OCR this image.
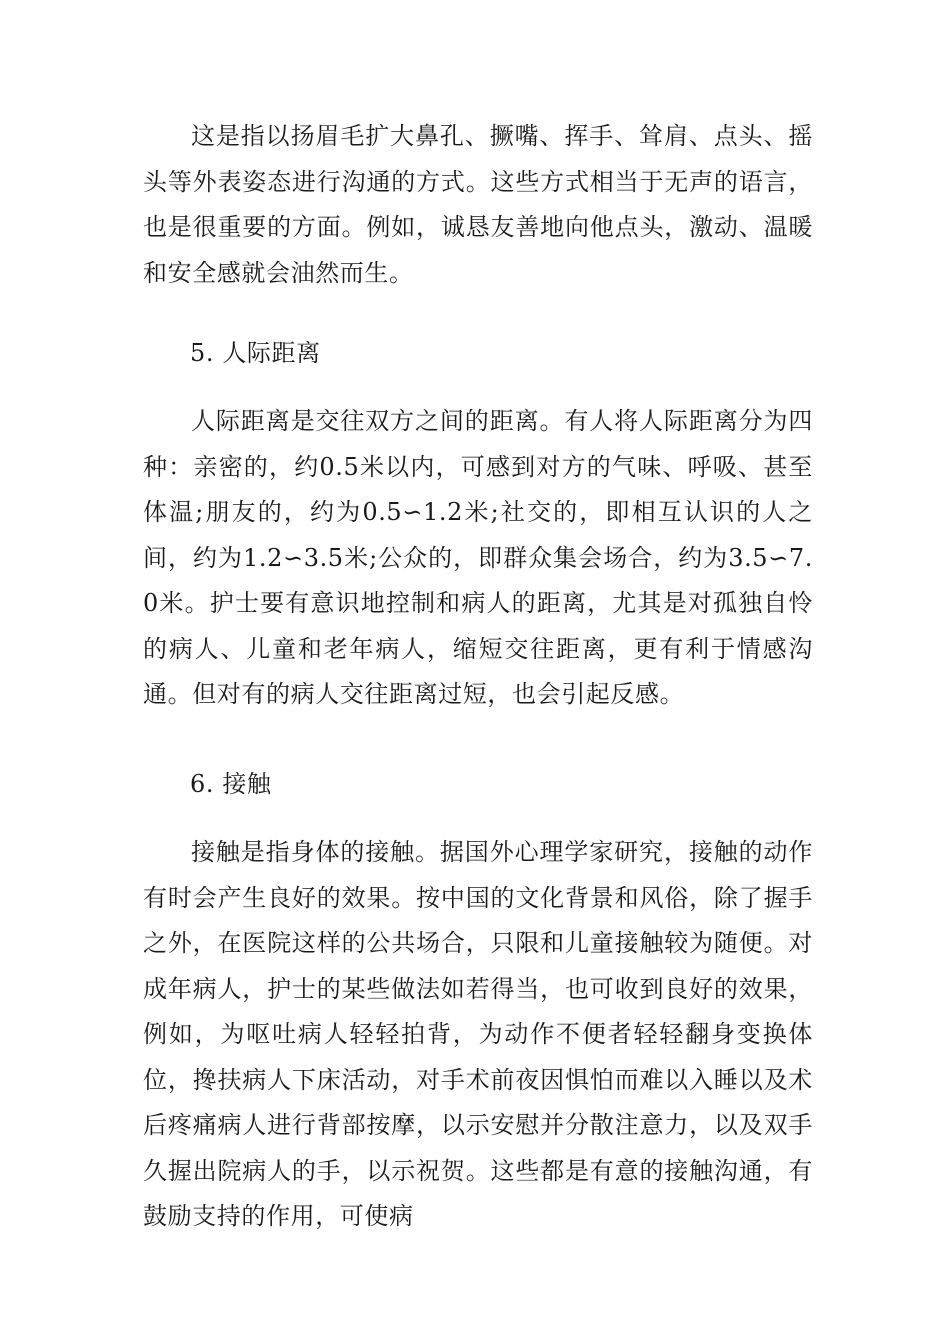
这是指以扬眉毛扩大鼻孔、撅嘴、挥手、耸肩、点头、摇头等外表姿态进行沟通的方式。这些方式相当于无声的语言，也是很重要的方面。例如，诚恳友善地向他点头，激动、温暖和安全感就会油然而生。

5. 人际距离

人际距离是交往双方之间的距离。有人将人际距离分为四种：亲密的，约0.5米以内，可感到对方的气味、呼吸、甚至体温;朋友的，约为0.5∽1.2米;社交的，即相互认识的人之间，约为1.2∽3.5米;公众的，即群众集会场合，约为3.5∽7.0米。护士要有意识地控制和病人的距离，尤其是对孤独自怜的病人、儿童和老年病人，缩短交往距离，更有利于情感沟通。但对有的病人交往距离过短，也会引起反感。

6. 接触

接触是指身体的接触。据国外心理学家研究，接触的动作有时会产生良好的效果。按中国的文化背景和风俗，除了握手之外，在医院这样的公共场合，只限和儿童接触较为随便。对成年病人，护士的某些做法如若得当，也可收到良好的效果，例如，为呕吐病人轻轻拍背，为动作不便者轻轻翻身变换体位，搀扶病人下床活动，对手术前夜因惧怕而难以入睡以及术后疼痛病人进行背部按摩，以示安慰并分散注意力，以及双手久握出院病人的手，以示祝贺。这些都是有意的接触沟通，有鼓励支持的作用，可使病
